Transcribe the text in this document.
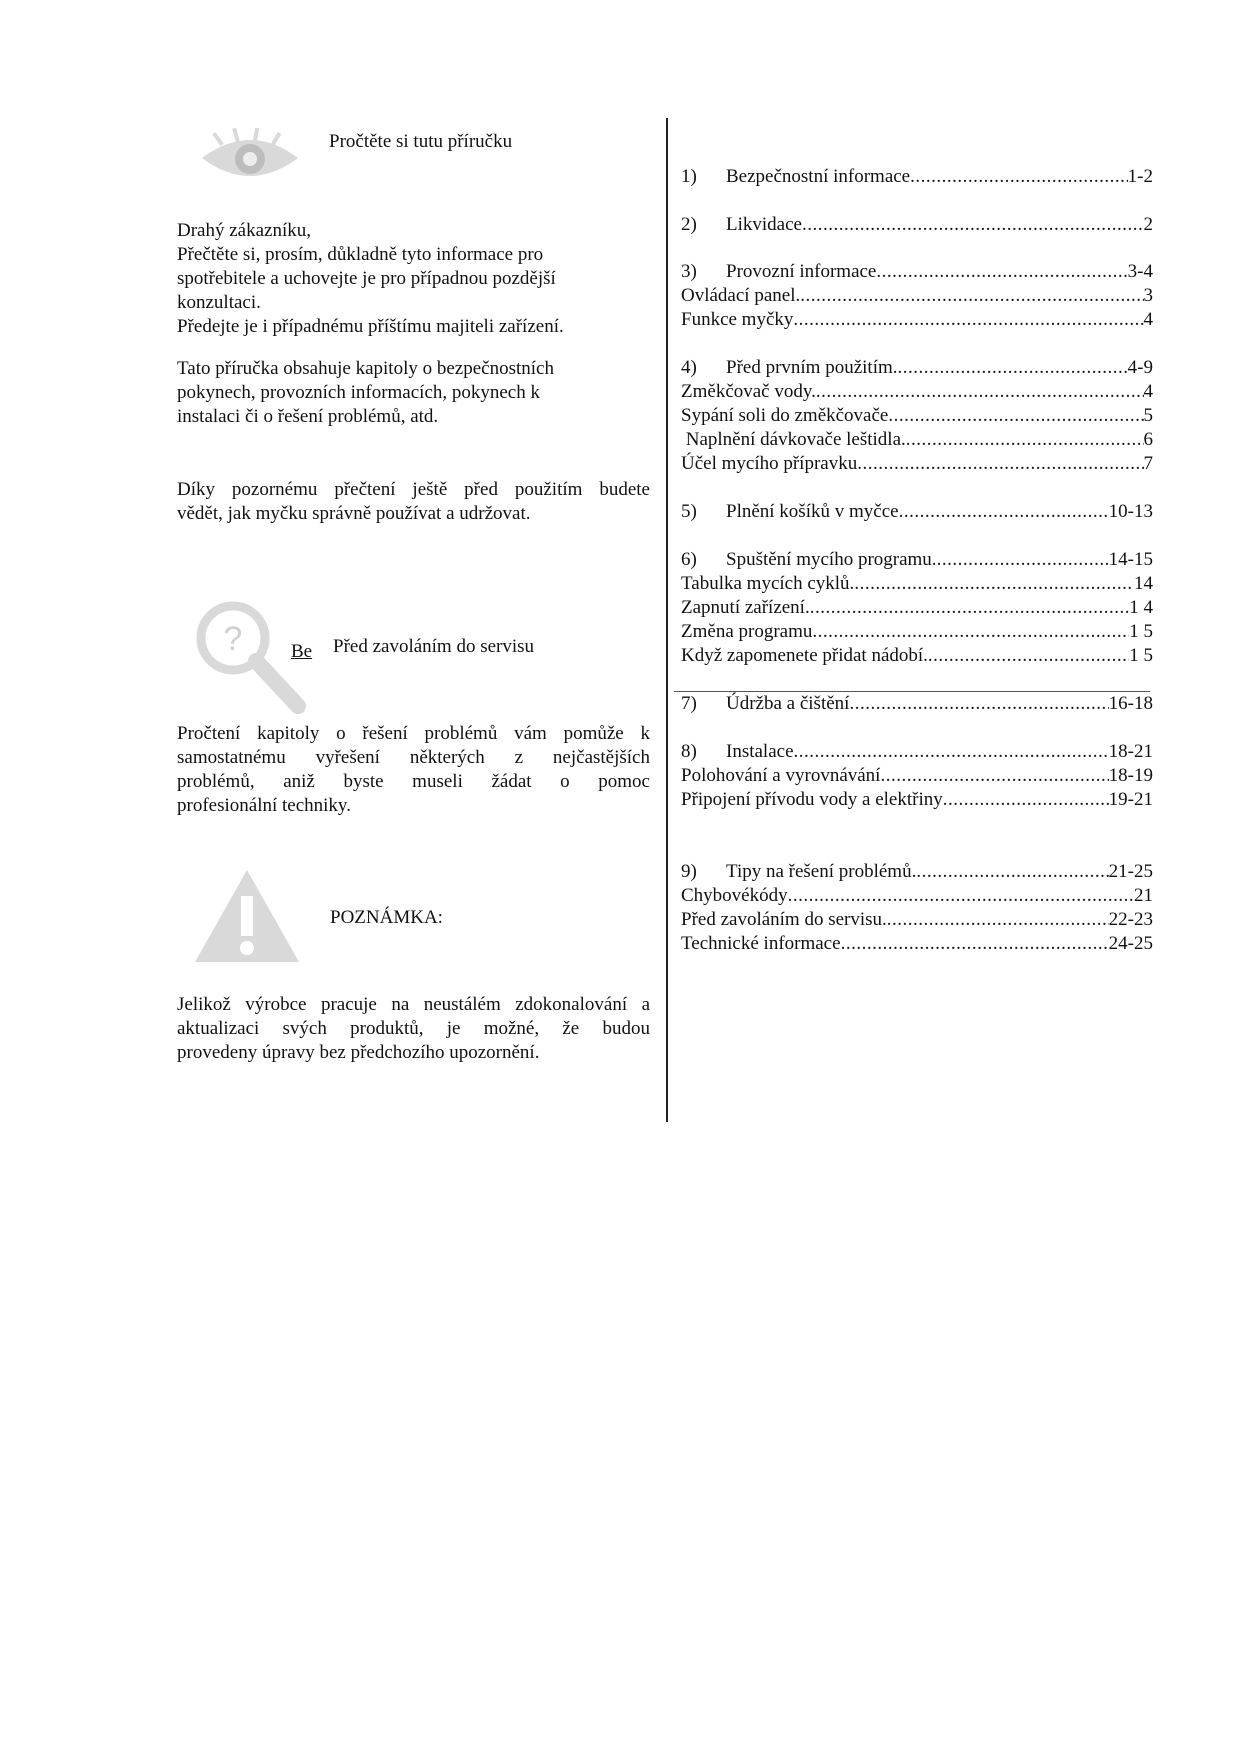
Pročtěte si tutu příručku
Drahý zákazníku,
Přečtěte si, prosím, důkladně tyto informace pro
spotřebitele a uchovejte je pro případnou pozdější
konzultaci.
Předejte je i případnému příštímu majiteli zařízení.
Tato příručka obsahuje kapitoly o bezpečnostních
pokynech, provozních informacích, pokynech k
instalaci či o řešení problémů, atd.
Díky pozornému přečtení ještě před použitím budete
vědět, jak myčku správně používat a udržovat.
?	Be Před zavoláním do servisu
Pročtení kapitoly o řešení problémů vám pomůže k
samostatnému vyřešení některých z nejčastějších
problémů, aniž byste museli žádat o pomoc
profesionální techniky.
POZNÁMKA:
Jelikož výrobce pracuje na neustálém zdokonalování a
aktualizaci svých produktů, je možné, že budou
provedeny úpravy bez předchozího upozornění.
1)	Bezpečnostní informace .....	1-2
2)	Likvidace .....	2
3)	Provozní informace .....	3-4
Ovládací panel. .....	3
Funkce myčky .....	4
4)	Před prvním použitím. .....	4-9
Změkčovač vody. .....	4
Sypání soli do změkčovače .....	5
Naplnění dávkovače leštidla. .....	6
Účel mycího přípravku .....	7
5)	Plnění košíků v myčce .....	10-13
6)	Spuštění mycího programu. .....	14-15
Tabulka mycích cyklů. .....	14
Zapnutí zařízení. .....	1 4
Změna programu .....	1 5
Když zapomenete přidat nádobí. .....	1 5
7)	Údržba a čištění .....	16-18
8)	Instalace .....	18-21
Polohování a vyrovnávání .....	18-19
Připojení přívodu vody a elektřiny .....	19-21
9)	Tipy na řešení problémů. .....	21-25
Chybovékódy .....	21
Před zavoláním do servisu. .....	22-23
Technické informace .....	24-25
